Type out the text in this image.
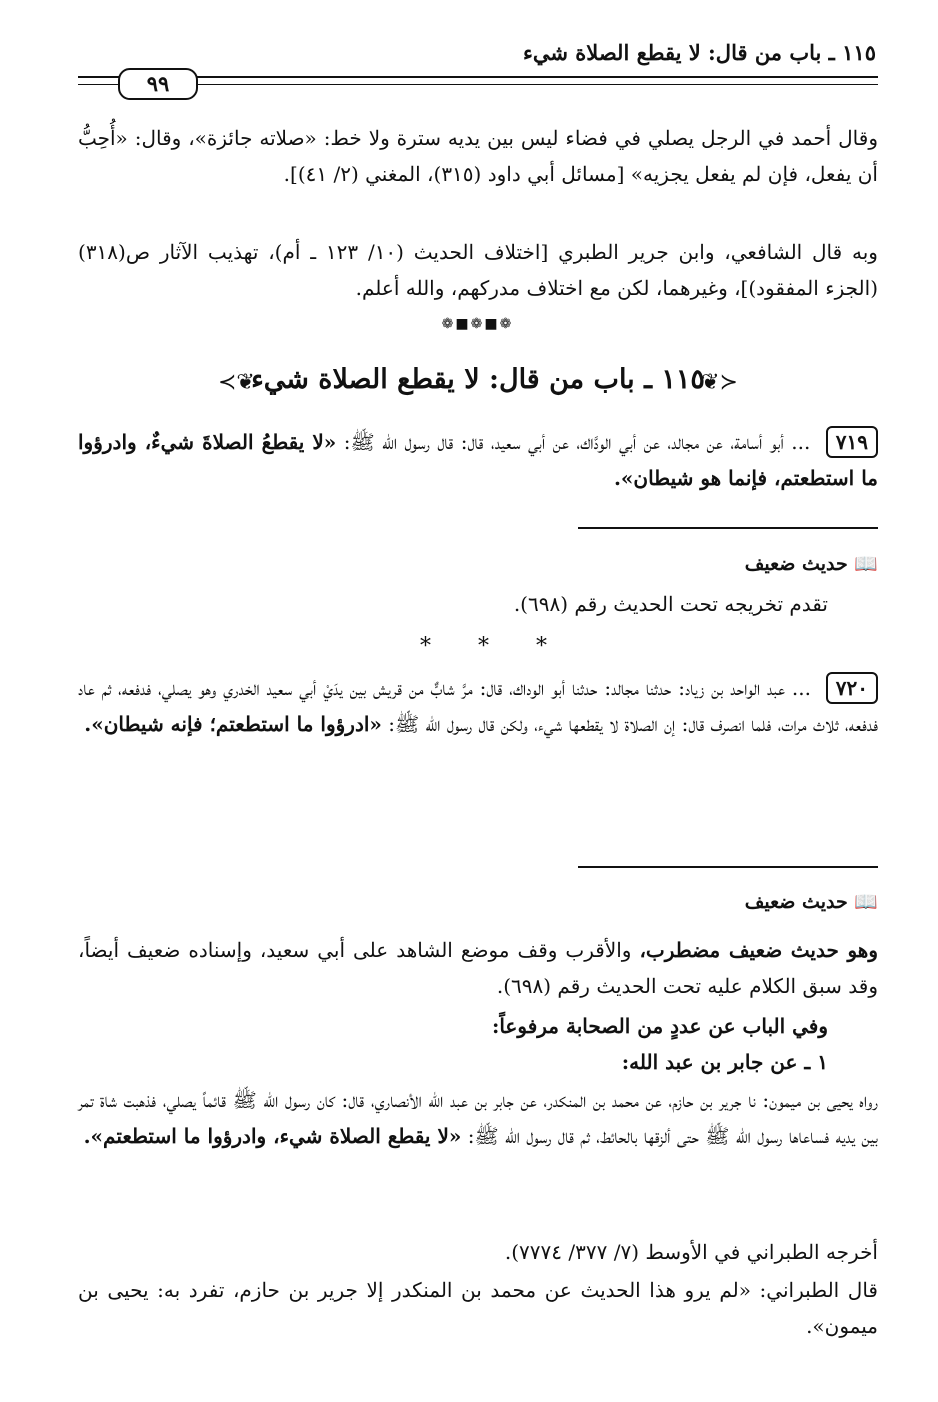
١١٥ ـ باب من قال: لا يقطع الصلاة شيء
٩٩

وقال أحمد في الرجل يصلي في فضاء ليس بين يديه سترة ولا خط: «صلاته جائزة»، وقال: «أُحِبُّ أن يفعل، فإن لم يفعل يجزيه» [مسائل أبي داود (٣١٥)، المغني (٢/ ٤١)].

وبه قال الشافعي، وابن جرير الطبري [اختلاف الحديث (١٠/ ١٢٣ ـ أم)، تهذيب الآثار ص(٣١٨) (الجزء المفقود)]، وغيرهما، لكن مع اختلاف مدركهم، والله أعلم.

❁■❁■❁
≺❦
١١٥ ـ باب من قال: لا يقطع الصلاة شيء
❦≻
٧١٩ ... أبو أسامة، عن مجالد، عن أبي الودَّاك، عن أبي سعيد، قال: قال رسول الله ﷺ: «لا يقطعُ الصلاةَ شيءٌ، وادرؤوا ما استطعتم، فإنما هو شيطان».
📖 حديث ضعيف

تقدم تخريجه تحت الحديث رقم (٦٩٨).

* * *
٧٢٠ ... عبد الواحد بن زياد: حدثنا مجالد: حدثنا أبو الوداك، قال: مرَّ شابٌّ من قريش بين يدَيْ أبي سعيد الخدري وهو يصلي، فدفعه، ثم عاد فدفعه، ثلاث مرات، فلما انصرف قال: إن الصلاة لا يقطعها شيء، ولكن قال رسول الله ﷺ: «ادرؤوا ما استطعتم؛ فإنه شيطان».
📖 حديث ضعيف

وهو حديث ضعيف مضطرب، والأقرب وقف موضع الشاهد على أبي سعيد، وإسناده ضعيف أيضاً، وقد سبق الكلام عليه تحت الحديث رقم (٦٩٨).

وفي الباب عن عددٍ من الصحابة مرفوعاً:

١ ـ عن جابر بن عبد الله:

رواه يحيى بن ميمون: نا جرير بن حازم، عن محمد بن المنكدر، عن جابر بن عبد الله الأنصاري، قال: كان رسول الله ﷺ قائماً يصلي، فذهبت شاة تمر بين يديه فساعاها رسول الله ﷺ حتى ألزقها بالحائط، ثم قال رسول الله ﷺ: «لا يقطع الصلاة شيء، وادرؤوا ما استطعتم».

أخرجه الطبراني في الأوسط (٧/ ٣٧٧/ ٧٧٧٤).

قال الطبراني: «لم يرو هذا الحديث عن محمد بن المنكدر إلا جرير بن حازم، تفرد به: يحيى بن ميمون».
